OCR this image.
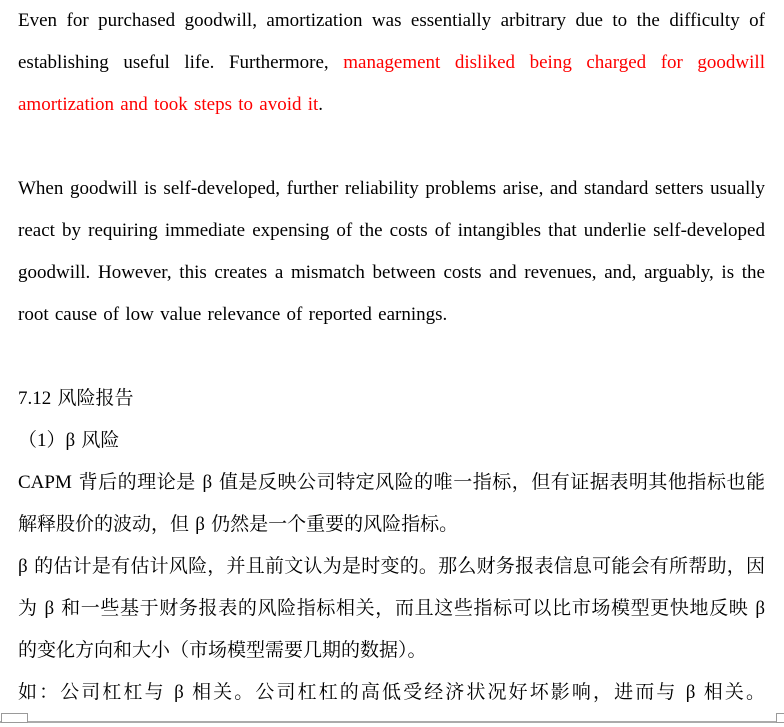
Even for purchased goodwill, amortization was essentially arbitrary due to the difficulty of establishing useful life. Furthermore, management disliked being charged for goodwill amortization and took steps to avoid it.

When goodwill is self-developed, further reliability problems arise, and standard setters usually react by requiring immediate expensing of the costs of intangibles that underlie self-developed goodwill. However, this creates a mismatch between costs and revenues, and, arguably, is the root cause of low value relevance of reported earnings.

7.12 风险报告

（1）β 风险

CAPM 背后的理论是 β 值是反映公司特定风险的唯一指标，但有证据表明其他指标也能解释股价的波动，但 β 仍然是一个重要的风险指标。

β 的估计是有估计风险，并且前文认为是时变的。那么财务报表信息可能会有所帮助，因为 β 和一些基于财务报表的风险指标相关，而且这些指标可以比市场模型更快地反映 β 的变化方向和大小（市场模型需要几期的数据）。

如：公司杠杠与 β 相关。公司杠杠的高低受经济状况好坏影响，进而与 β 相关。
